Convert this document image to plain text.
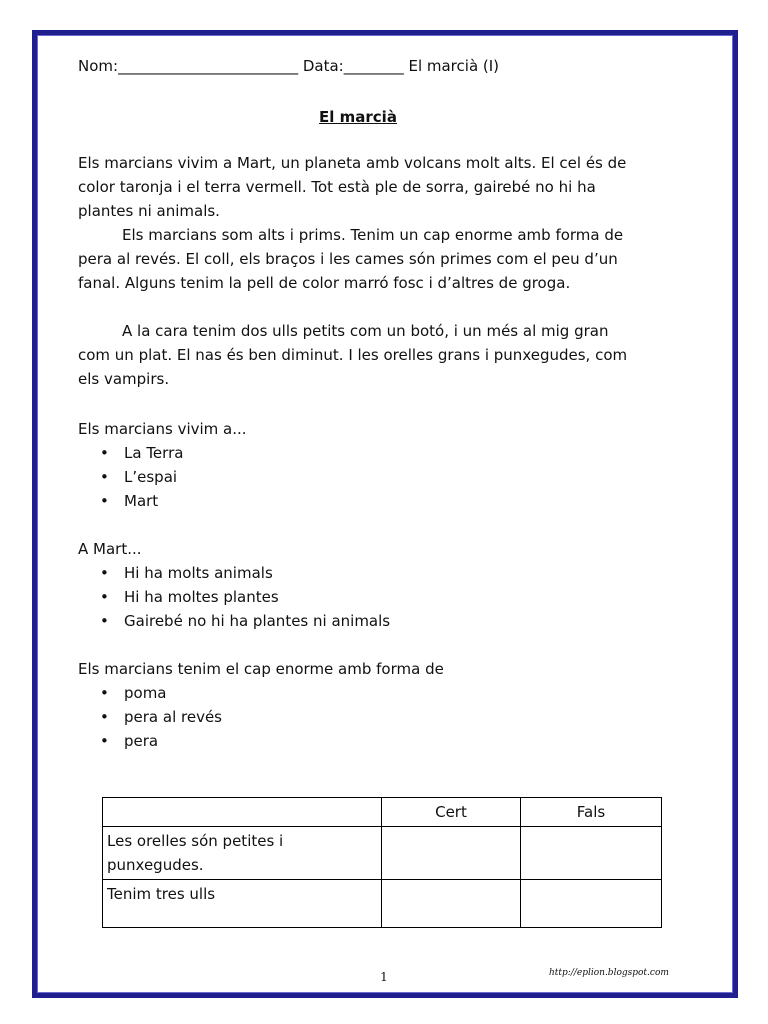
Nom:________________________ Data:________ El marcià (I)
El marcià
Els marcians vivim a Mart, un planeta amb volcans molt alts. El cel és de color taronja i el terra vermell. Tot està ple de sorra, gairebé no hi ha plantes ni animals.
Els marcians som alts i prims. Tenim un cap enorme amb forma de pera al revés. El coll, els braços i les cames són primes com el peu d’un fanal. Alguns tenim la pell de color marró fosc i d’altres de groga.
A la cara tenim dos ulls petits com un botó, i un més al mig gran com un plat. El nas és ben diminut. I les orelles grans i punxegudes, com els vampirs.
Els marcians vivim a...
• La Terra
• L’espai
• Mart
A Mart...
• Hi ha molts animals
• Hi ha moltes plantes
• Gairebé no hi ha plantes ni animals
Els marcians tenim el cap enorme amb forma de
• poma
• pera al revés
• pera
	Cert	Fals
Les orelles són petites i punxegudes.		
Tenim tres ulls		
1	http://eplion.blogspot.com
